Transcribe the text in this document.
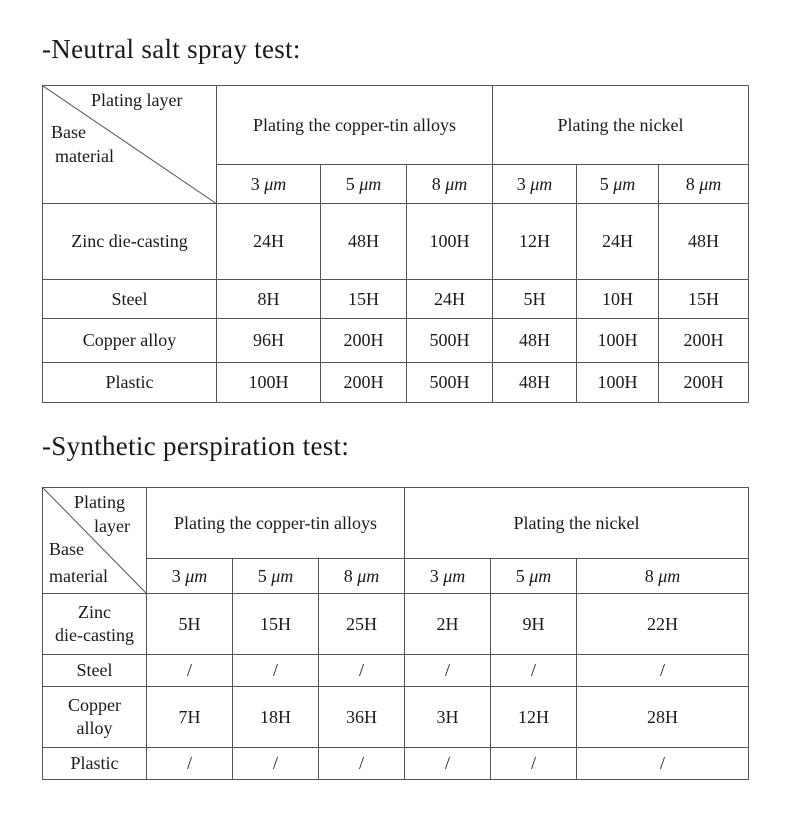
-Neutral salt spray test:
Plating layer
Base
material	Plating the copper-tin alloys			Plating the nickel		
	3 μm	5 μm	8 μm	3 μm	5 μm	8 μm
Zinc die-casting	24H	48H	100H	12H	24H	48H
Steel	8H	15H	24H	5H	10H	15H
Copper alloy	96H	200H	500H	48H	100H	200H
Plastic	100H	200H	500H	48H	100H	200H
-Synthetic perspiration test:
Plating
layer
Base
material	Plating the copper-tin alloys			Plating the nickel		
	3 μm	5 μm	8 μm	3 μm	5 μm	8 μm
Zinc
die-casting	5H	15H	25H	2H	9H	22H
Steel	/	/	/	/	/	/
Copper
alloy	7H	18H	36H	3H	12H	28H
Plastic	/	/	/	/	/	/
